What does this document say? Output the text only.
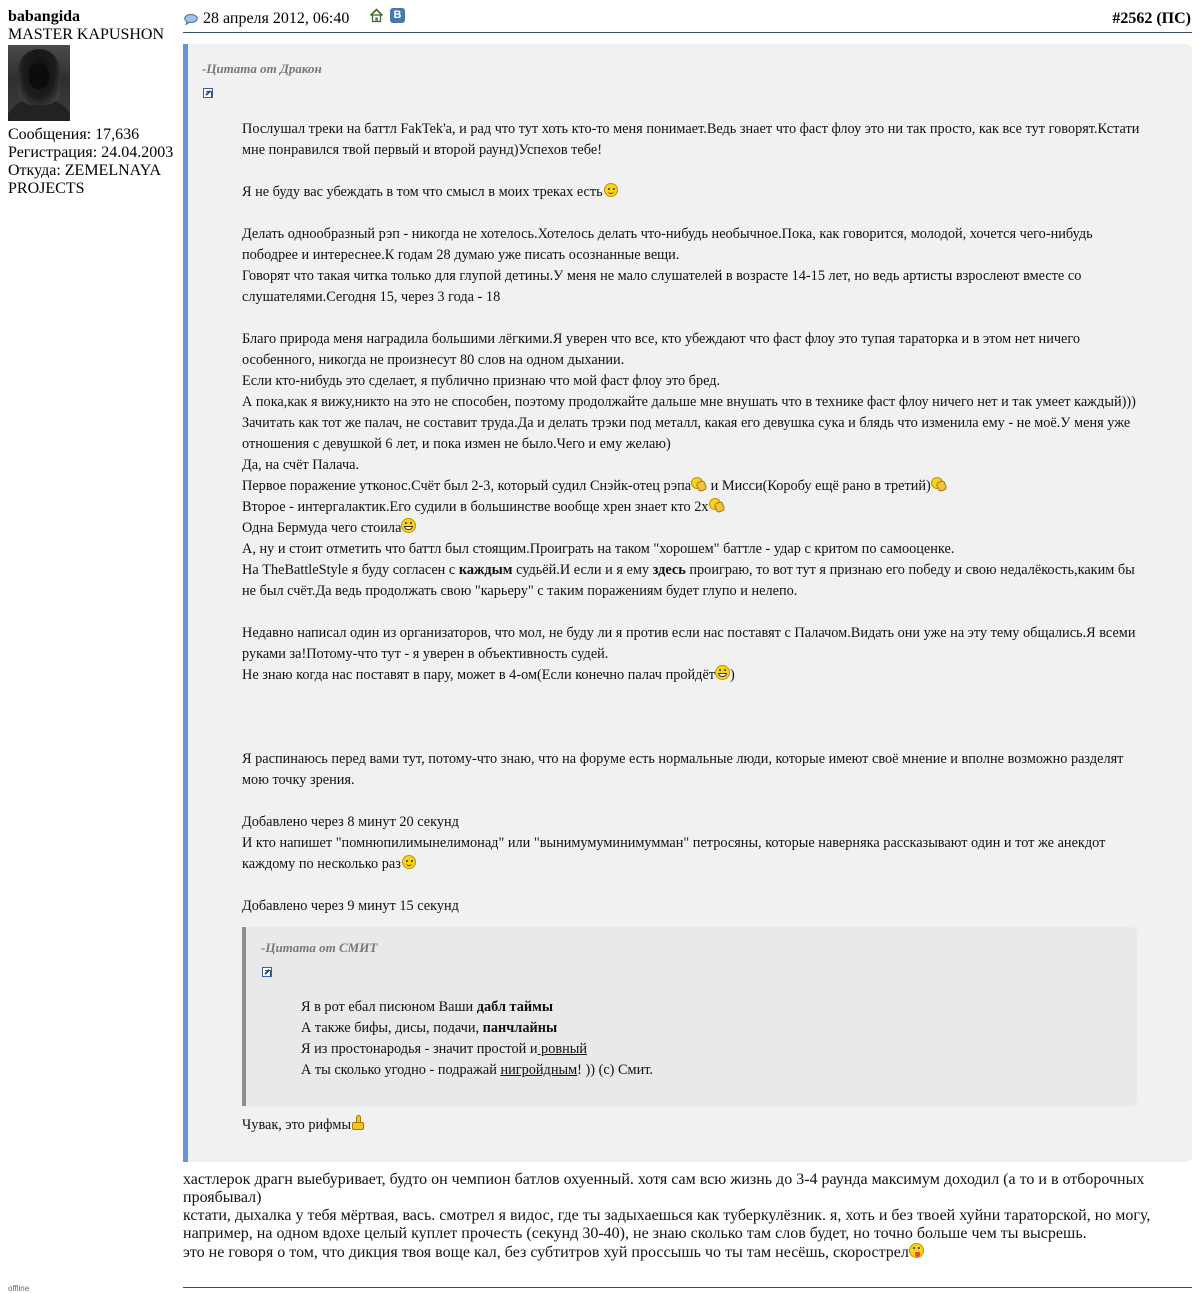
babangida
MASTER KAPUSHON
Сообщения: 17,636
Регистрация: 24.04.2003
Откуда: ZEMELNAYA PROJECTS
offline
28 апреля 2012, 06:40	В	#2562 (ПС)
-Цитата от Дракон

Послушал треки на баттл FakTek'a, и рад что тут хоть кто-то меня понимает.Ведь знает что фаст флоу это ни так просто, как все тут говорят.Кстати мне понравился твой первый и второй раунд)Успехов тебе!

Я не буду вас убеждать в том что смысл в моих треках есть

Делать однообразный рэп - никогда не хотелось.Хотелось делать что-нибудь необычное.Пока, как говорится, молодой, хочется чего-нибудь пободрее и интереснее.К годам 28 думаю уже писать осознанные вещи.

Говорят что такая читка только для глупой детины.У меня не мало слушателей в возрасте 14-15 лет, но ведь артисты взрослеют вместе со слушателями.Сегодня 15, через 3 года - 18

Благо природа меня наградила большими лёгкими.Я уверен что все, кто убеждают что фаст флоу это тупая тараторка и в этом нет ничего особенного, никогда не произнесут 80 слов на одном дыхании.

Если кто-нибудь это сделает, я публично признаю что мой фаст флоу это бред.

А пока,как я вижу,никто на это не способен, поэтому продолжайте дальше мне внушать что в технике фаст флоу ничего нет и так умеет каждый)))

Зачитать как тот же палач, не составит труда.Да и делать трэки под металл, какая его девушка сука и блядь что изменила ему - не моё.У меня уже отношения с девушкой 6 лет, и пока измен не было.Чего и ему желаю)

Да, на счёт Палача.

Первое поражение утконос.Счёт был 2-3, который судил Снэйк-отец рэпа и Мисси(Коробу ещё рано в третий)

Второе - интергалактик.Его судили в большинстве вообще хрен знает кто 2х

Одна Бермуда чего стоила

А, ну и стоит отметить что баттл был стоящим.Проиграть на таком "хорошем" баттле - удар с критом по самооценке.

На TheBattleStyle я буду согласен с каждым судьёй.И если и я ему здесь проиграю, то вот тут я признаю его победу и свою недалёкость,каким бы не был счёт.Да ведь продолжать свою "карьеру" с таким поражениям будет глупо и нелепо.

Недавно написал один из организаторов, что мол, не буду ли я против если нас поставят с Палачом.Видать они уже на эту тему общались.Я всеми руками за!Потому-что тут - я уверен в объективность судей.

Не знаю когда нас поставят в пару, может в 4-ом(Если конечно палач пройдёт )

Я распинаюсь перед вами тут, потому-что знаю, что на форуме есть нормальные люди, которые имеют своё мнение и вполне возможно разделят мою точку зрения.

Добавлено через 8 минут 20 секунд

И кто напишет "помнюпилимынелимонад" или "вынимумуминимумман" петросяны, которые наверняка рассказывают один и тот же анекдот каждому по несколько раз

Добавлено через 9 минут 15 секунд

-Цитата от СМИТ

Я в рот ебал писюном Ваши дабл таймы

А также бифы, дисы, подачи, панчлайны

Я из простонародья - значит простой и ровный

А ты сколько угодно - подражай нигройдным! )) (c) Смит.

Чувак, это рифмы

хастлерок драгн выебуривает, будто он чемпион батлов охуенный. хотя сам всю жизнь до 3-4 раунда максимум доходил (а то и в отборочных проябывал)

кстати, дыхалка у тебя мёртвая, вась. смотрел я видос, где ты задыхаешься как туберкулёзник. я, хоть и без твоей хуйни тараторской, но могу, например, на одном вдохе целый куплет прочесть (секунд 30-40), не знаю сколько там слов будет, но точно больше чем ты высрешь.

это не говоря о том, что дикция твоя воще кал, без субтитров хуй проссышь чо ты там несёшь, скорострел
